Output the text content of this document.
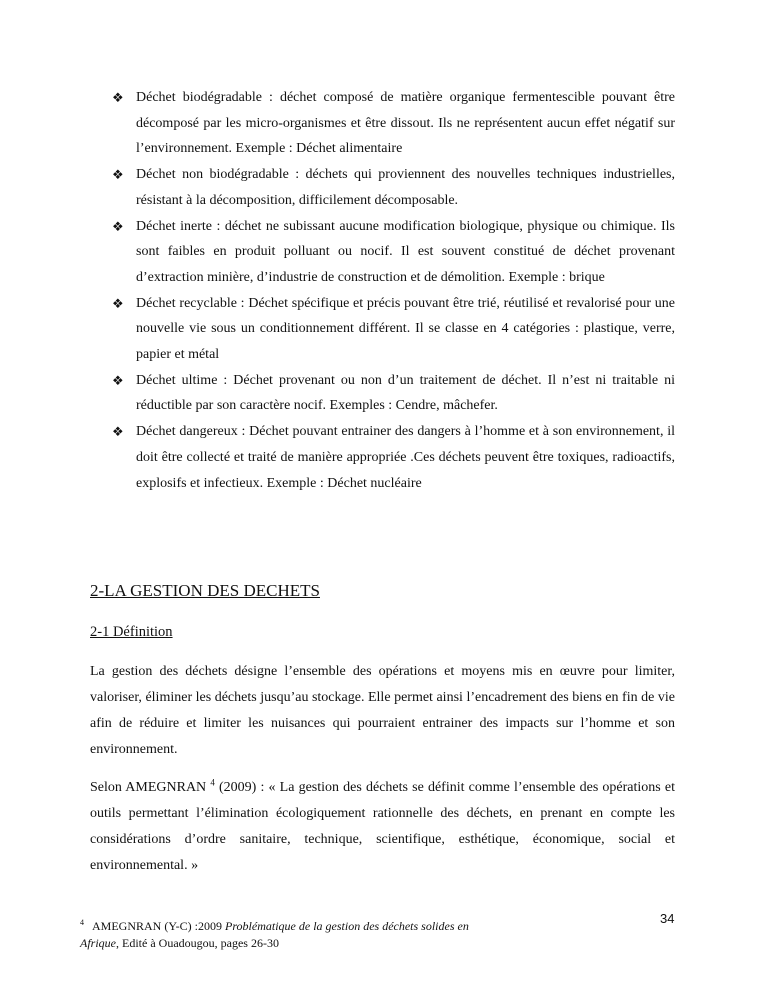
❖ Déchet biodégradable : déchet composé de matière organique fermentescible pouvant être décomposé par les micro-organismes et être dissout. Ils ne représentent aucun effet négatif sur l’environnement. Exemple : Déchet alimentaire
❖ Déchet non biodégradable : déchets qui proviennent des nouvelles techniques industrielles, résistant à la décomposition, difficilement décomposable.
❖ Déchet inerte : déchet ne subissant aucune modification biologique, physique ou chimique. Ils sont faibles en produit polluant ou nocif. Il est souvent constitué de déchet provenant d’extraction minière, d’industrie de construction et de démolition. Exemple : brique
❖ Déchet recyclable : Déchet spécifique et précis pouvant être trié, réutilisé et revalorisé pour une nouvelle vie sous un conditionnement différent. Il se classe en 4 catégories : plastique, verre, papier et métal
❖ Déchet ultime : Déchet provenant ou non d’un traitement de déchet. Il n’est ni traitable ni réductible par son caractère nocif. Exemples : Cendre, mâchefer.
❖ Déchet dangereux : Déchet pouvant entrainer des dangers à l’homme et à son environnement, il doit être collecté et traité de manière appropriée .Ces déchets peuvent être toxiques, radioactifs, explosifs et infectieux. Exemple : Déchet nucléaire
2-LA GESTION DES DECHETS
2-1 Définition

La gestion des déchets désigne l’ensemble des opérations et moyens mis en œuvre pour limiter, valoriser, éliminer les déchets jusqu’au stockage. Elle permet ainsi l’encadrement des biens en fin de vie afin de réduire et limiter les nuisances qui pourraient entrainer des impacts sur l’homme et son environnement.

Selon AMEGNRAN $^4$ (2009) : « La gestion des déchets se définit comme l’ensemble des opérations et outils permettant l’élimination écologiquement rationnelle des déchets, en prenant en compte les considérations d’ordre sanitaire, technique, scientifique, esthétique, économique, social et environnemental. »

34

$^4$ AMEGNRAN (Y-C) :2009 Problématique de la gestion des déchets solides en Afrique, Edité à Ouadougou, pages 26-30
